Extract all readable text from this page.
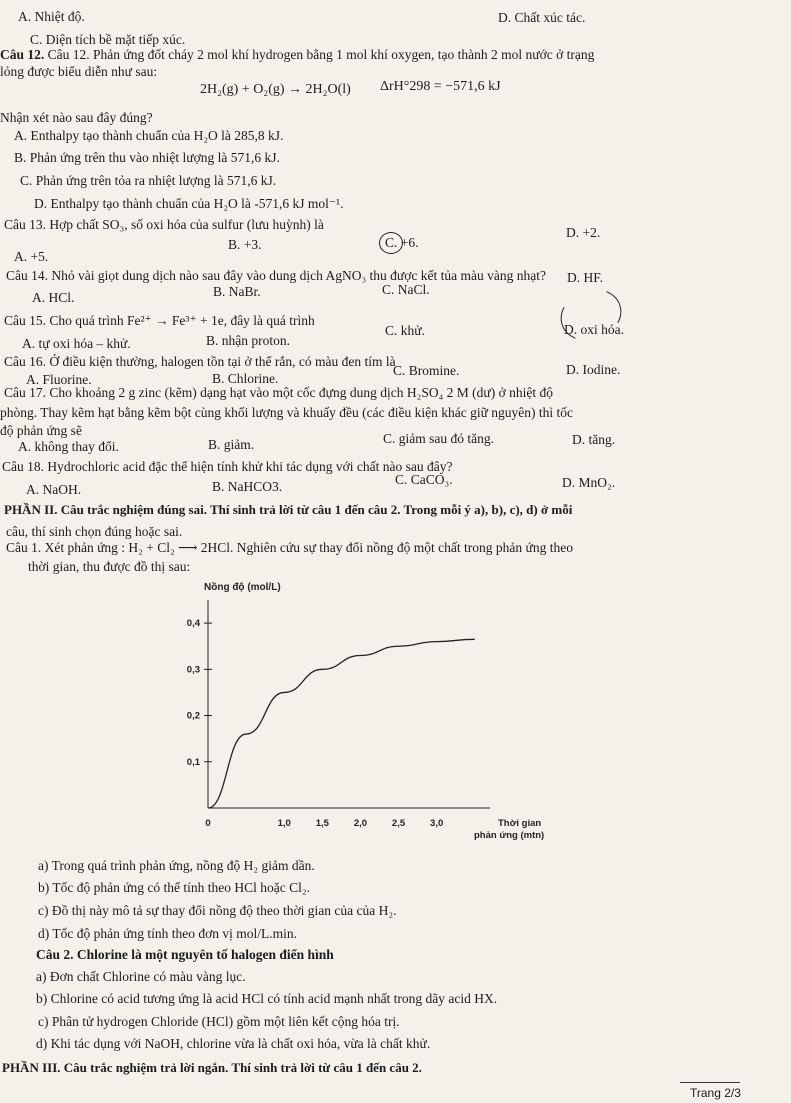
A. Nhiệt độ.	D. Chất xúc tác.
C. Diện tích bề mặt tiếp xúc.
Câu 12. Câu 12. Phản ứng đốt cháy 2 mol khí hydrogen bằng 1 mol khí oxygen, tạo thành 2 mol nước ở trạng
lỏng được biểu diễn như sau:
2H₂(g) + O₂(g) → 2H₂O(l) ΔrH°298 = −571,6 kJ
Nhận xét nào sau đây đúng?
A. Enthalpy tạo thành chuẩn của H₂O là 285,8 kJ.
B. Phản ứng trên thu vào nhiệt lượng là 571,6 kJ.
C. Phản ứng trên tỏa ra nhiệt lượng là 571,6 kJ.
D. Enthalpy tạo thành chuẩn của H₂O là -571,6 kJ mol⁻¹.
Câu 13. Hợp chất SO₃, số oxi hóa của sulfur (lưu huỳnh) là
A. +5.
B. +3.	C. +6.
D. +2.
Câu 14. Nhỏ vài giọt dung dịch nào sau đây vào dung dịch AgNO₃ thu được kết tủa màu vàng nhạt?
A. HCl.	B. NaBr.	C. NaCl.
D. HF.
Câu 15. Cho quá trình Fe²⁺ → Fe³⁺ + 1e, đây là quá trình
A. tự oxi hóa – khử.	B. nhận proton.
C. khử.	D. oxi hóa.
Câu 16. Ở điều kiện thường, halogen tồn tại ở thể rắn, có màu đen tím là
A. Fluorine.	B. Chlorine.
C. Bromine.	D. Iodine.
Câu 17. Cho khoảng 2 g zinc (kẽm) dạng hạt vào một cốc đựng dung dịch H₂SO₄ 2 M (dư) ở nhiệt độ
phòng. Thay kẽm hạt bằng kẽm bột cùng khối lượng và khuấy đều (các điều kiện khác giữ nguyên) thì tốc
độ phản ứng sẽ
A. không thay đổi.	B. giảm.	C. giảm sau đó tăng.	D. tăng.
Câu 18. Hydrochloric acid đặc thể hiện tính khử khi tác dụng với chất nào sau đây?
A. NaOH.	B. NaHCO3.	C. CaCO₃.	D. MnO₂.
PHẦN II. Câu trắc nghiệm đúng sai. Thí sinh trả lời từ câu 1 đến câu 2. Trong mỗi ý a), b), c), d) ở mỗi
câu, thí sinh chọn đúng hoặc sai.
Câu 1. Xét phản ứng : H₂ + Cl₂ ⟶ 2HCl. Nghiên cứu sự thay đổi nồng độ một chất trong phản ứng theo
thời gian, thu được đồ thị sau:
Nồng độ (mol/L)
0,1
0,2
0,3
0,4
0	1,0	1,5	2,0	2,5	3,0	Thời gian
phản ứng (mtn)
a) Trong quá trình phản ứng, nồng độ H₂ giảm dần.
b) Tốc độ phản ứng có thể tính theo HCl hoặc Cl₂.
c) Đồ thị này mô tả sự thay đổi nồng độ theo thời gian của của H₂.
d) Tốc độ phản ứng tính theo đơn vị mol/L.min.
Câu 2. Chlorine là một nguyên tố halogen điển hình
a) Đơn chất Chlorine có màu vàng lục.
b) Chlorine có acid tương ứng là acid HCl có tính acid mạnh nhất trong dãy acid HX.
c) Phân tử hydrogen Chloride (HCl) gồm một liên kết cộng hóa trị.
d) Khi tác dụng với NaOH, chlorine vừa là chất oxi hóa, vừa là chất khử.
PHẦN III. Câu trắc nghiệm trả lời ngắn. Thí sinh trả lời từ câu 1 đến câu 2.
Trang 2/3
